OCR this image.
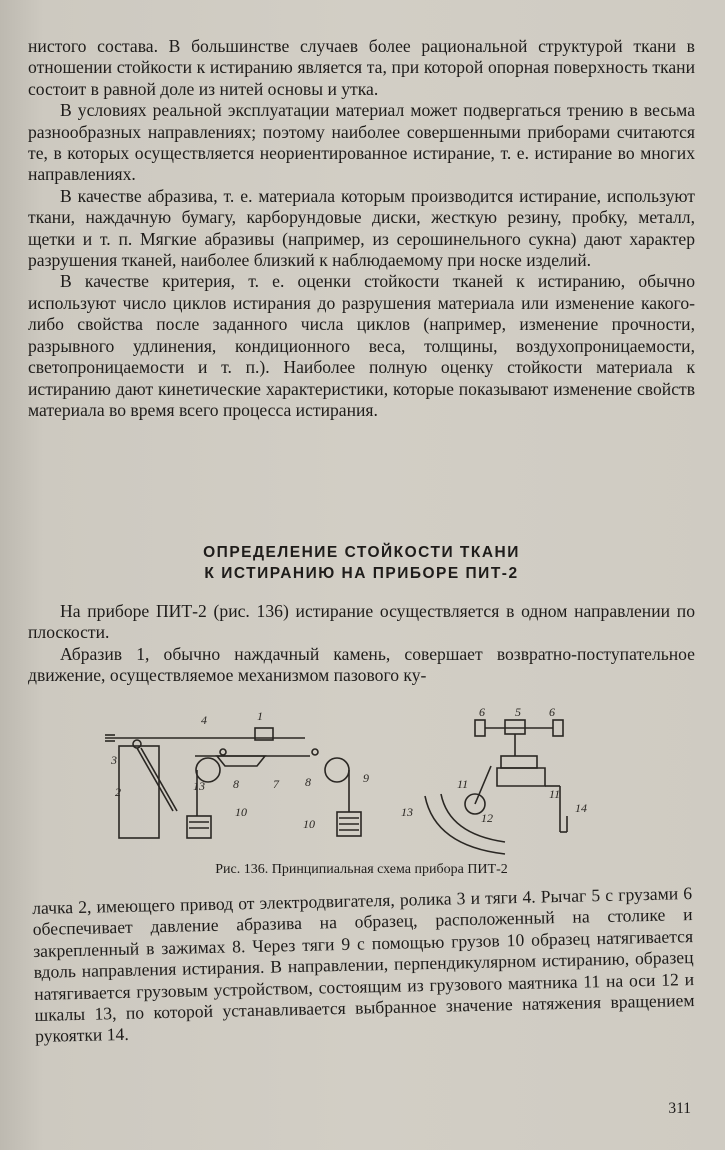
нистого состава. В большинстве случаев более рациональной структурой ткани в отношении стойкости к истиранию является та, при которой опорная поверхность ткани состоит в равной доле из нитей основы и утка.

В условиях реальной эксплуатации материал может подвергаться трению в весьма разнообразных направлениях; поэтому наиболее совершенными приборами считаются те, в которых осуществляется неориентированное истирание, т. е. истирание во многих направлениях.

В качестве абразива, т. е. материала которым производится истирание, используют ткани, наждачную бумагу, карборундовые диски, жесткую резину, пробку, металл, щетки и т. п. Мягкие абразивы (например, из серошинельного сукна) дают характер разрушения тканей, наиболее близкий к наблюдаемому при носке изделий.

В качестве критерия, т. е. оценки стойкости тканей к истиранию, обычно используют число циклов истирания до разрушения материала или изменение какого-либо свойства после заданного числа циклов (например, изменение прочности, разрывного удлинения, кондиционного веса, толщины, воздухопроницаемости, светопроницаемости и т. п.). Наиболее полную оценку стойкости материала к истиранию дают кинетические характеристики, которые показывают изменение свойств материала во время всего процесса истирания.

ОПРЕДЕЛЕНИЕ СТОЙКОСТИ ТКАНИ
К ИСТИРАНИЮ НА ПРИБОРЕ ПИТ-2

На приборе ПИТ-2 (рис. 136) истирание осуществляется в одном направлении по плоскости.

Абразив 1, обычно наждачный камень, совершает возвратно-поступательное движение, осуществляемое механизмом пазового ку-

1
2
3
4
5
6	6
7
8	8	9
10
10
11
11
12
13
13	14
Рис. 136. Принципиальная схема прибора ПИТ-2

лачка 2, имеющего привод от электродвигателя, ролика 3 и тяги 4. Рычаг 5 с грузами 6 обеспечивает давление абразива на образец, расположенный на столике и закрепленный в зажимах 8. Через тяги 9 с помощью грузов 10 образец натягивается вдоль направления истирания. В направлении, перпендикулярном истиранию, образец натягивается грузовым устройством, состоящим из грузового маятника 11 на оси 12 и шкалы 13, по которой устанавливается выбранное значение натяжения вращением рукоятки 14.

311
